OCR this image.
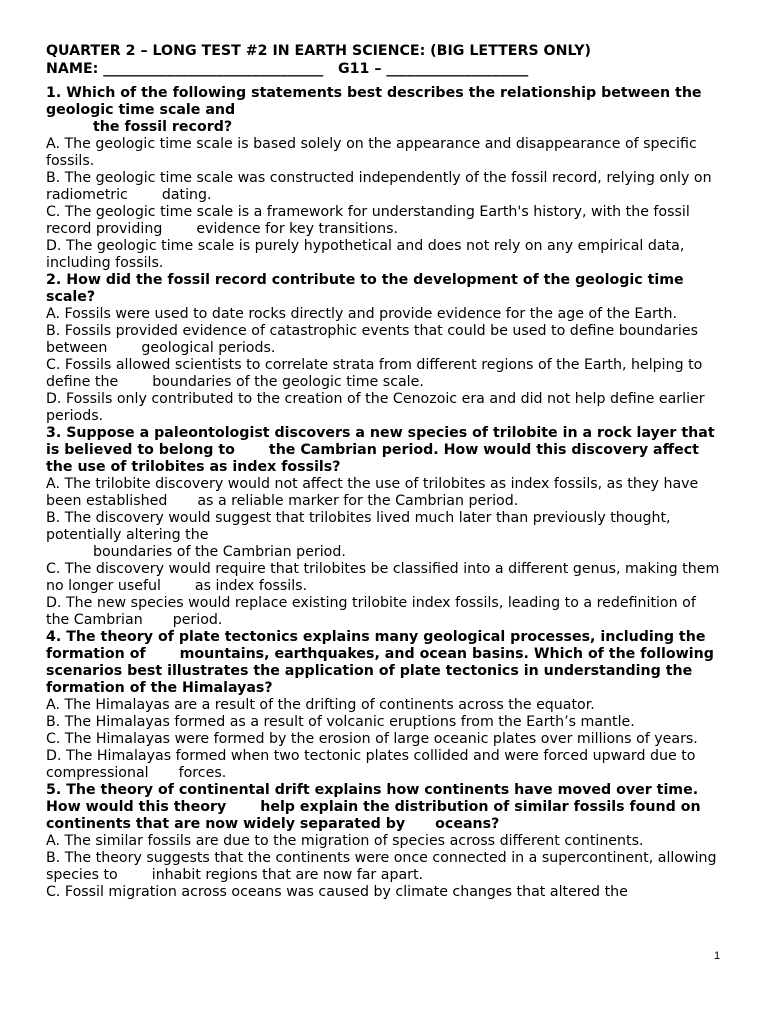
QUARTER 2 – LONG TEST #2 IN EARTH SCIENCE: (BIG LETTERS ONLY)
NAME: _______________________________   G11 – ____________________
1. Which of the following statements best describes the relationship between the geologic time scale and
the fossil record?
A. The geologic time scale is based solely on the appearance and disappearance of specific fossils.
B. The geologic time scale was constructed independently of the fossil record, relying only on radiometric dating.
C. The geologic time scale is a framework for understanding Earth's history, with the fossil record providing evidence for key transitions.
D. The geologic time scale is purely hypothetical and does not rely on any empirical data, including fossils.
2. How did the fossil record contribute to the development of the geologic time scale?
A. Fossils were used to date rocks directly and provide evidence for the age of the Earth.
B. Fossils provided evidence of catastrophic events that could be used to define boundaries between geological periods.
C. Fossils allowed scientists to correlate strata from different regions of the Earth, helping to define the boundaries of the geologic time scale.
D. Fossils only contributed to the creation of the Cenozoic era and did not help define earlier periods.
3. Suppose a paleontologist discovers a new species of trilobite in a rock layer that is believed to belong to the Cambrian period. How would this discovery affect the use of trilobites as index fossils?
A. The trilobite discovery would not affect the use of trilobites as index fossils, as they have been established as a reliable marker for the Cambrian period.
B. The discovery would suggest that trilobites lived much later than previously thought, potentially altering the
boundaries of the Cambrian period.
C. The discovery would require that trilobites be classified into a different genus, making them no longer useful as index fossils.
D. The new species would replace existing trilobite index fossils, leading to a redefinition of the Cambrian period.
4. The theory of plate tectonics explains many geological processes, including the formation of mountains, earthquakes, and ocean basins. Which of the following scenarios best illustrates the application of plate tectonics in understanding the formation of the Himalayas?
A. The Himalayas are a result of the drifting of continents across the equator.
B. The Himalayas formed as a result of volcanic eruptions from the Earth’s mantle.
C. The Himalayas were formed by the erosion of large oceanic plates over millions of years.
D. The Himalayas formed when two tectonic plates collided and were forced upward due to compressional forces.
5. The theory of continental drift explains how continents have moved over time. How would this theory help explain the distribution of similar fossils found on continents that are now widely separated by oceans?
A. The similar fossils are due to the migration of species across different continents.
B. The theory suggests that the continents were once connected in a supercontinent, allowing species to inhabit regions that are now far apart.
C. Fossil migration across oceans was caused by climate changes that altered the
1
